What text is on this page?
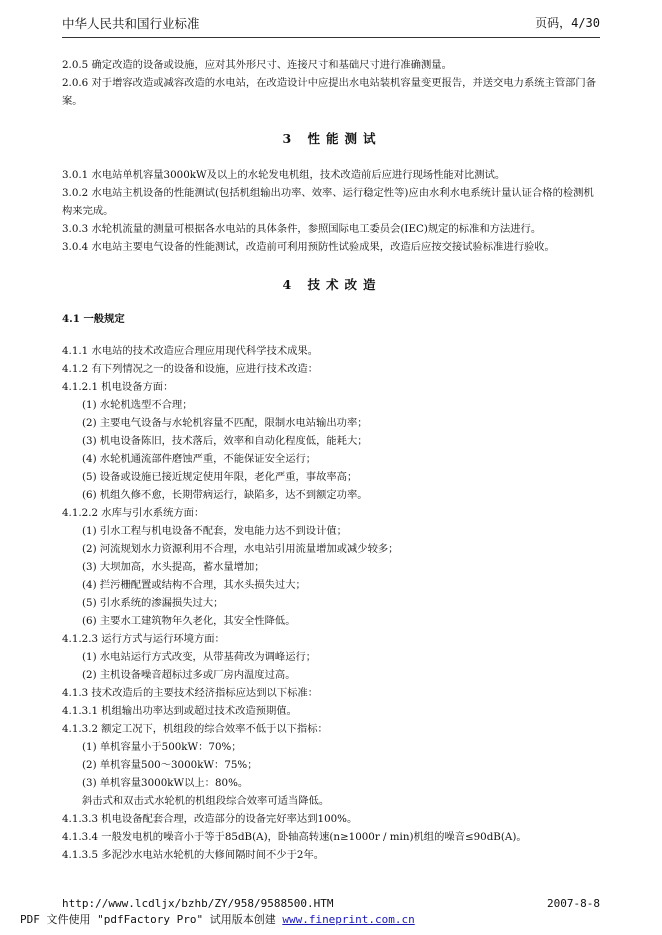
中华人民共和国行业标准	页码，4/30

2.0.5 确定改造的设备或设施，应对其外形尺寸、连接尺寸和基础尺寸进行准确测量。

2.0.6 对于增容改造或减容改造的水电站，在改造设计中应提出水电站装机容量变更报告，并送交电力系统主管部门备案。

3 性能测试

3.0.1 水电站单机容量3000kW及以上的水轮发电机组，技术改造前后应进行现场性能对比测试。

3.0.2 水电站主机设备的性能测试(包括机组输出功率、效率、运行稳定性等)应由水利水电系统计量认证合格的检测机构来完成。

3.0.3 水轮机流量的测量可根据各水电站的具体条件，参照国际电工委员会(IEC)规定的标准和方法进行。

3.0.4 水电站主要电气设备的性能测试，改造前可利用预防性试验成果，改造后应按交接试验标准进行验收。

4 技术改造
4.1 一般规定

4.1.1 水电站的技术改造应合理应用现代科学技术成果。

4.1.2 有下列情况之一的设备和设施，应进行技术改造：

4.1.2.1 机电设备方面：

(1) 水轮机选型不合理；

(2) 主要电气设备与水轮机容量不匹配，限制水电站输出功率；

(3) 机电设备陈旧，技术落后，效率和自动化程度低，能耗大；

(4) 水轮机通流部件磨蚀严重，不能保证安全运行；

(5) 设备或设施已接近规定使用年限，老化严重，事故率高；

(6) 机组久修不愈，长期带病运行，缺陷多，达不到额定功率。

4.1.2.2 水库与引水系统方面：

(1) 引水工程与机电设备不配套，发电能力达不到设计值；

(2) 河流规划水力资源利用不合理，水电站引用流量增加或减少较多；

(3) 大坝加高，水头提高，蓄水量增加；

(4) 拦污栅配置或结构不合理，其水头损失过大；

(5) 引水系统的渗漏损失过大；

(6) 主要水工建筑物年久老化，其安全性降低。

4.1.2.3 运行方式与运行环境方面：

(1) 水电站运行方式改变，从带基荷改为调峰运行；

(2) 主机设备噪音超标过多或厂房内温度过高。

4.1.3 技术改造后的主要技术经济指标应达到以下标准：

4.1.3.1 机组输出功率达到或超过技术改造预期值。

4.1.3.2 额定工况下，机组段的综合效率不低于以下指标：

(1) 单机容量小于500kW：70%；

(2) 单机容量500～3000kW：75%；

(3) 单机容量3000kW以上：80%。

斜击式和双击式水轮机的机组段综合效率可适当降低。

4.1.3.3 机电设备配套合理，改造部分的设备完好率达到100%。

4.1.3.4 一般发电机的噪音小于等于85dB(A)，卧轴高转速(n≥1000r / min)机组的噪音≤90dB(A)。

4.1.3.5 多泥沙水电站水轮机的大修间隔时间不少于2年。

http://www.lcdljx/bzhb/ZY/958/9588500.HTM	2007-8-8
PDF 文件使用 "pdfFactory Pro" 试用版本创建 www.fineprint.com.cn
